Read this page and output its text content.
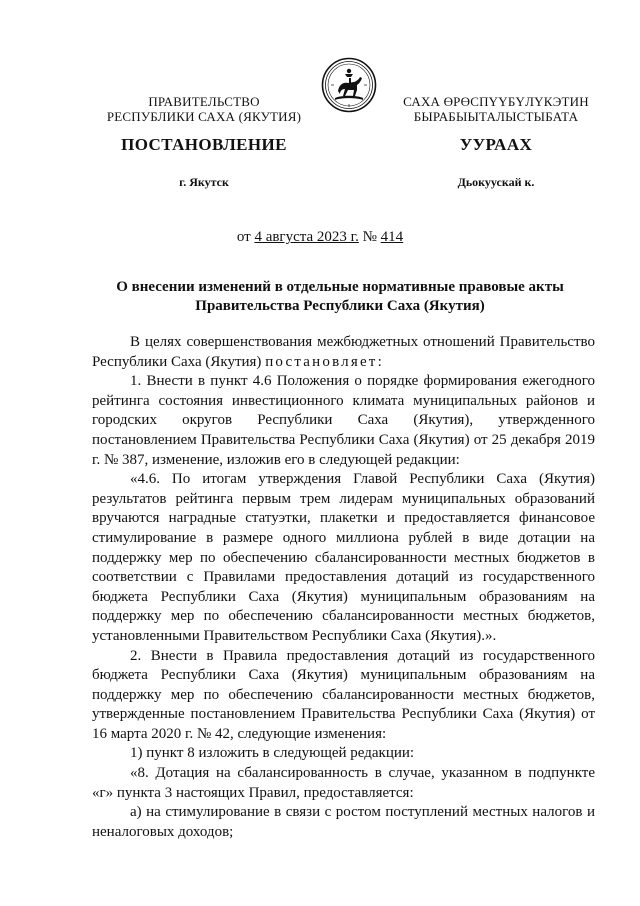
ПРАВИТЕЛЬСТВО
РЕСПУБЛИКИ САХА (ЯКУТИЯ)
САХА ӨРӨСПҮҮБҮЛҮКЭТИН
БЫРАБЫЫТАЛЫСТЫБАТА
ПОСТАНОВЛЕНИЕ	УУРААХ
г. Якутск	Дьокуускай к.
от 4 августа 2023 г. № 414
О внесении изменений в отдельные нормативные правовые акты
Правительства Республики Саха (Якутия)

В целях совершенствования межбюджетных отношений Правительство Республики Саха (Якутия) постановляет:

1. Внести в пункт 4.6 Положения о порядке формирования ежегодного рейтинга состояния инвестиционного климата муниципальных районов и городских округов Республики Саха (Якутия), утвержденного постановлением Правительства Республики Саха (Якутия) от 25 декабря 2019 г. № 387, изменение, изложив его в следующей редакции:

«4.6. По итогам утверждения Главой Республики Саха (Якутия) результатов рейтинга первым трем лидерам муниципальных образований вручаются наградные статуэтки, плакетки и предоставляется финансовое стимулирование в размере одного миллиона рублей в виде дотации на поддержку мер по обеспечению сбалансированности местных бюджетов в соответствии с Правилами предоставления дотаций из государственного бюджета Республики Саха (Якутия) муниципальным образованиям на поддержку мер по обеспечению сбалансированности местных бюджетов, установленными Правительством Республики Саха (Якутия).».

2. Внести в Правила предоставления дотаций из государственного бюджета Республики Саха (Якутия) муниципальным образованиям на поддержку мер по обеспечению сбалансированности местных бюджетов, утвержденные постановлением Правительства Республики Саха (Якутия) от 16 марта 2020 г. № 42, следующие изменения:

1) пункт 8 изложить в следующей редакции:

«8. Дотация на сбалансированность в случае, указанном в подпункте «г» пункта 3 настоящих Правил, предоставляется:

а) на стимулирование в связи с ростом поступлений местных налогов и неналоговых доходов;
